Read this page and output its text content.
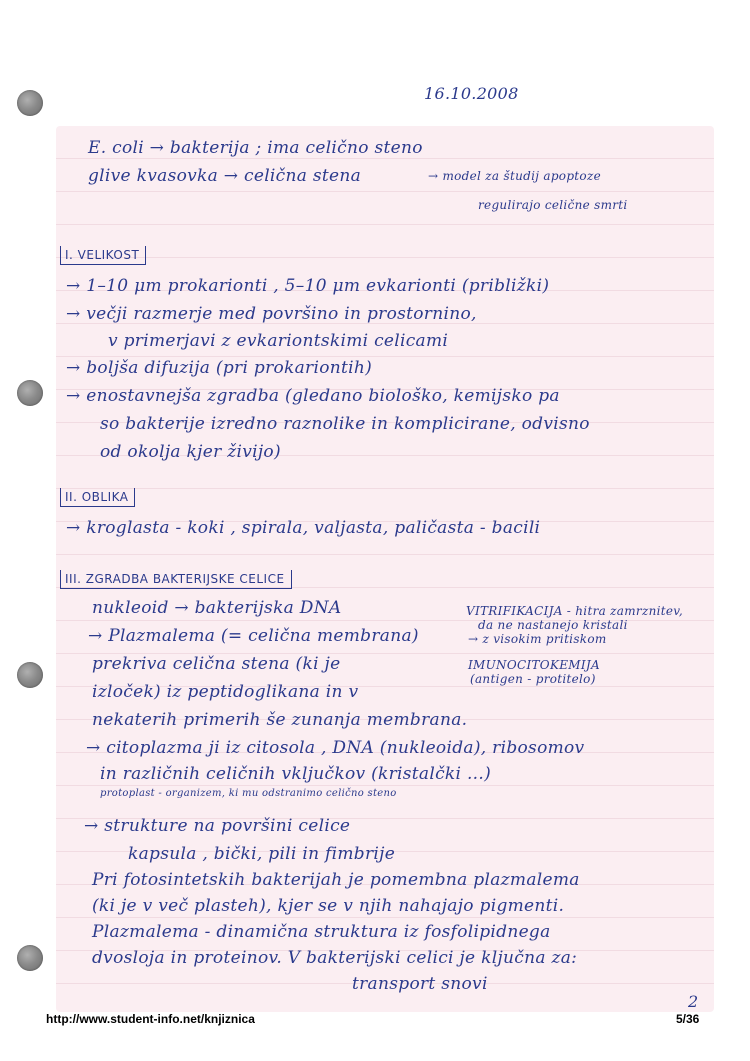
16.10.2008
E. coli → bakterija ; ima celično steno
glive kvasovka → celična stena	→ model za študij apoptoze
regulirajo celične smrti
I. VELIKOST
→ 1–10 μm prokarionti , 5–10 μm evkarionti (približki)
→ večji razmerje med površino in prostornino,
v primerjavi z evkariontskimi celicami
→ boljša difuzija (pri prokariontih)
→ enostavnejša zgradba (gledano biološko, kemijsko pa
so bakterije izredno raznolike in komplicirane, odvisno
od okolja kjer živijo)
II. OBLIKA
→ kroglasta - koki , spirala, valjasta, paličasta - bacili
III. ZGRADBA BAKTERIJSKE CELICE
nukleoid → bakterijska DNA
→ Plazmalema (= celična membrana)
prekriva celična stena (ki je
izloček) iz peptidoglikana in v
nekaterih primerih še zunanja membrana.
→ citoplazma ji iz citosola , DNA (nukleoida), ribosomov
in različnih celičnih vključkov (kristalčki ...)
protoplast - organizem, ki mu odstranimo celično steno
VITRIFIKACIJA - hitra zamrznitev,
da ne nastanejo kristali
→ z visokim pritiskom
IMUNOCITOKEMIJA
(antigen - protitelo)
→ strukture na površini celice
kapsula , bički, pili in fimbrije
Pri fotosintetskih bakterijah je pomembna plazmalema
(ki je v več plasteh), kjer se v njih nahajajo pigmenti.
Plazmalema - dinamična struktura iz fosfolipidnega
dvosloja in proteinov. V bakterijski celici je ključna za:
transport snovi
2
http://www.student-info.net/knjiznica	5/36
